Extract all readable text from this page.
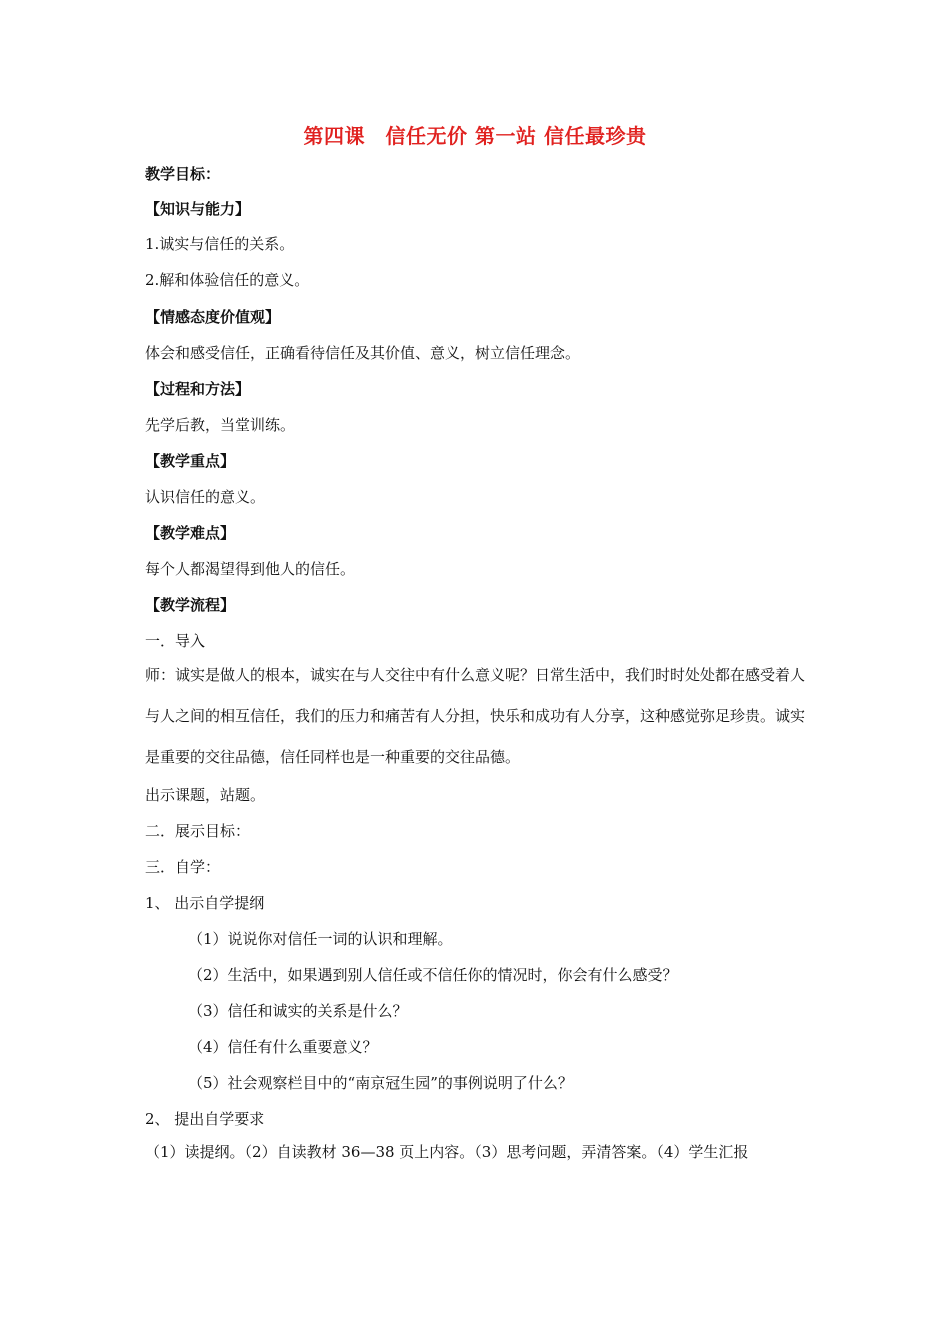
第四课　信任无价 第一站 信任最珍贵
教学目标：
【知识与能力】
1.诚实与信任的关系。
2.解和体验信任的意义。
【情感态度价值观】
体会和感受信任，正确看待信任及其价值、意义，树立信任理念。
【过程和方法】
先学后教，当堂训练。
【教学重点】
认识信任的意义。
【教学难点】
每个人都渴望得到他人的信任。
【教学流程】
一．导入
师：诚实是做人的根本，诚实在与人交往中有什么意义呢？日常生活中，我们时时处处都在感受着人与人之间的相互信任，我们的压力和痛苦有人分担，快乐和成功有人分享，这种感觉弥足珍贵。诚实是重要的交往品德，信任同样也是一种重要的交往品德。
出示课题，站题。
二．展示目标：
三．自学：
1、 出示自学提纲
（1）说说你对信任一词的认识和理解。
（2）生活中，如果遇到别人信任或不信任你的情况时，你会有什么感受？
（3）信任和诚实的关系是什么？
（4）信任有什么重要意义？
（5）社会观察栏目中的“南京冠生园”的事例说明了什么？
2、 提出自学要求
（1）读提纲。（2）自读教材 36—38 页上内容。（3）思考问题，弄清答案。（4）学生汇报
